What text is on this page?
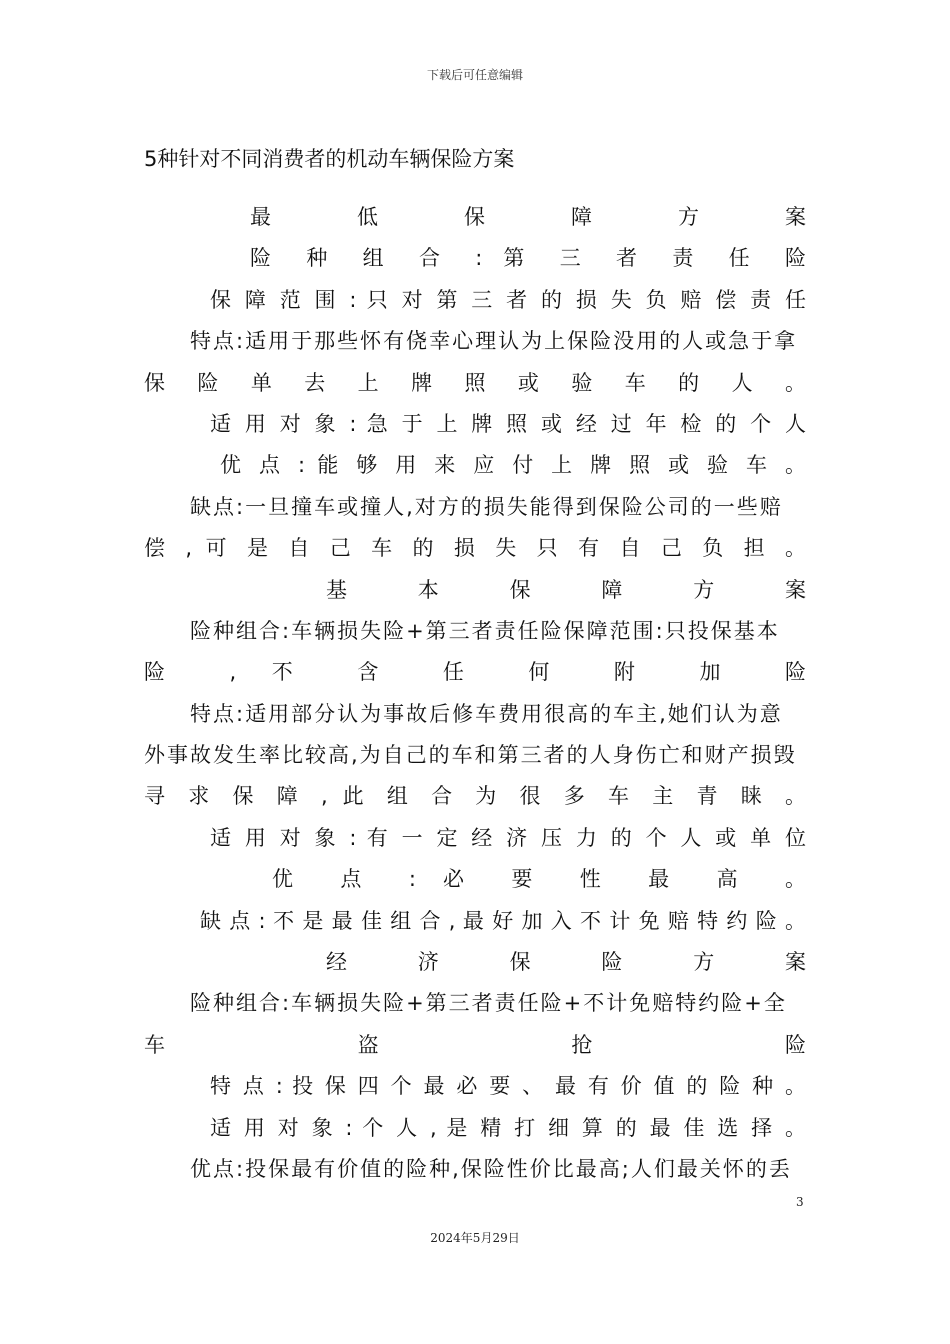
下载后可任意编辑
5种针对不同消费者的机动车辆保险方案
最 低 保 障 方 案
险 种 组 合 : 第 三 者 责 任 险
保 障 范 围 : 只 对 第 三 者 的 损 失 负 赔 偿 责 任
特点:适用于那些怀有侥幸心理认为上保险没用的人或急于拿
保 险 单 去 上 牌 照 或 验 车 的 人 。
适 用 对 象 : 急 于 上 牌 照 或 经 过 年 检 的 个 人
优 点 : 能 够 用 来 应 付 上 牌 照 或 验 车 。
缺点:一旦撞车或撞人,对方的损失能得到保险公司的一些赔
偿 , 可 是 自 己 车 的 损 失 只 有 自 己 负 担 。
基 本 保 障 方 案
险种组合:车辆损失险+第三者责任险保障范围:只投保基本
险 , 不 含 任 何 附 加 险
特点:适用部分认为事故后修车费用很高的车主,她们认为意
外事故发生率比较高,为自己的车和第三者的人身伤亡和财产损毁
寻 求 保 障 , 此 组 合 为 很 多 车 主 青 睐 。
适 用 对 象 : 有 一 定 经 济 压 力 的 个 人 或 单 位
优 点 : 必 要 性 最 高 。
缺 点 : 不 是 最 佳 组 合 , 最 好 加 入 不 计 免 赔 特 约 险 。
经 济 保 险 方 案
险种组合:车辆损失险+第三者责任险+不计免赔特约险+全
车 盗 抢 险
特 点 : 投 保 四 个 最 必 要 、 最 有 价 值 的 险 种 。
适 用 对 象 : 个 人 , 是 精 打 细 算 的 最 佳 选 择 。
优点:投保最有价值的险种,保险性价比最高;人们最关怀的丢
3
2024年5月29日
